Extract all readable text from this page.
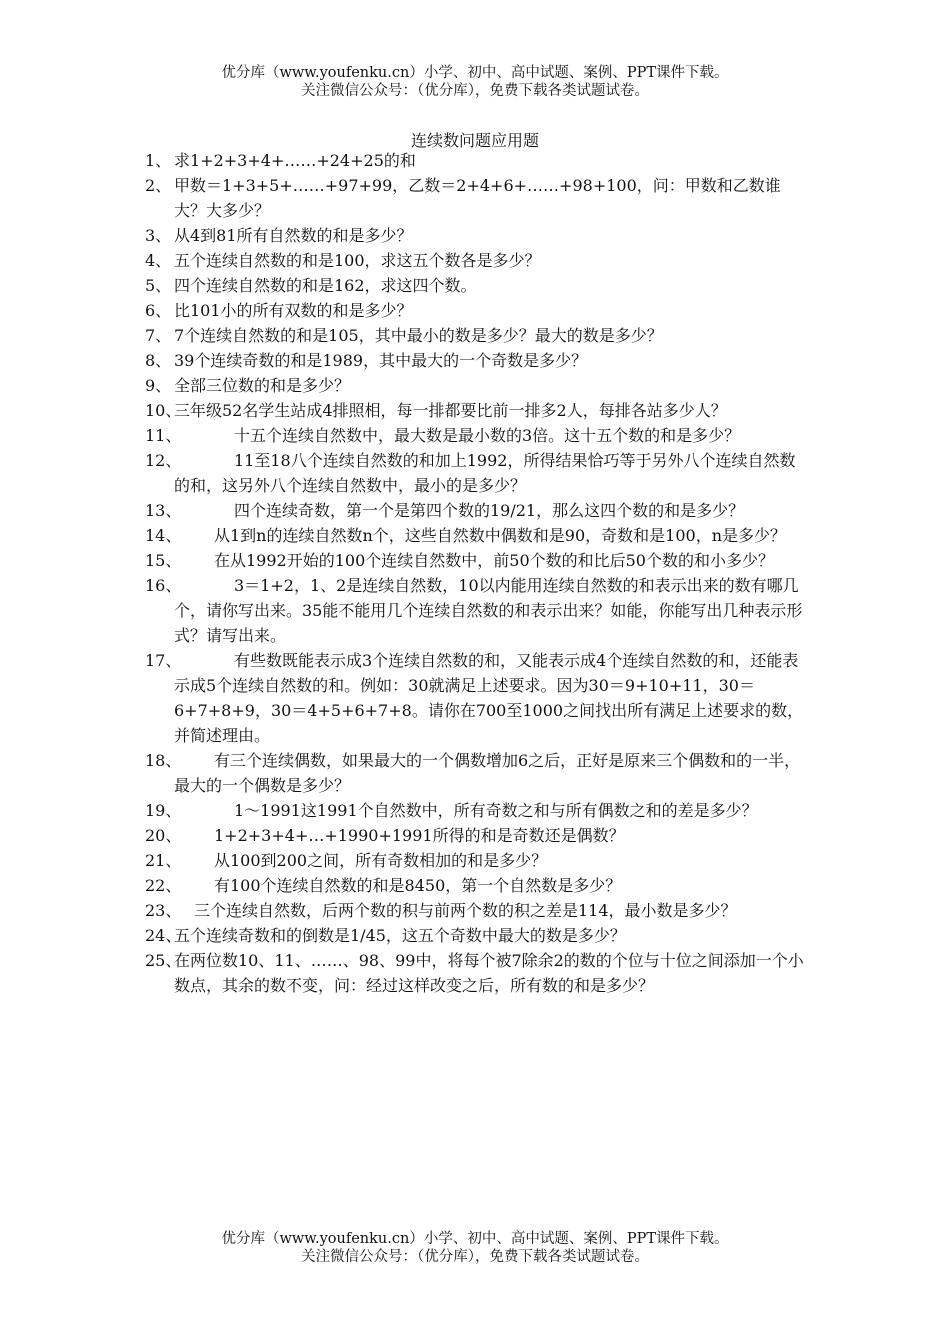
优分库（www.youfenku.cn）小学、初中、高中试题、案例、PPT课件下载。
关注微信公众号：（优分库），免费下载各类试题试卷。
连续数问题应用题
1、 求1+2+3+4+……+24+25的和
2、 甲数＝1+3+5+……+97+99，乙数＝2+4+6+……+98+100，问：甲数和乙数谁大？大多少？
3、 从4到81所有自然数的和是多少？
4、 五个连续自然数的和是100，求这五个数各是多少？
5、 四个连续自然数的和是162，求这四个数。
6、 比101小的所有双数的和是多少？
7、 7个连续自然数的和是105，其中最小的数是多少？最大的数是多少？
8、 39个连续奇数的和是1989，其中最大的一个奇数是多少？
9、 全部三位数的和是多少？
10、
三年级52名学生站成4排照相，每一排都要比前一排多2人，每排各站多少人？
11、	十五个连续自然数中，最大数是最小数的3倍。这十五个数的和是多少？
12、	11至18八个连续自然数的和加上1992，所得结果恰巧等于另外八个连续自然数的和，这另外八个连续自然数中，最小的是多少？
13、	四个连续奇数，第一个是第四个数的19/21，那么这四个数的和是多少？
14、	从1到n的连续自然数n个，这些自然数中偶数和是90，奇数和是100，n是多少？
15、	在从1992开始的100个连续自然数中，前50个数的和比后50个数的和小多少？
16、	3＝1+2，1、2是连续自然数，10以内能用连续自然数的和表示出来的数有哪几个，请你写出来。35能不能用几个连续自然数的和表示出来？如能，你能写出几种表示形式？请写出来。
17、	有些数既能表示成3个连续自然数的和，又能表示成4个连续自然数的和，还能表示成5个连续自然数的和。例如：30就满足上述要求。因为30＝9+10+11，30＝6+7+8+9，30＝4+5+6+7+8。请你在700至1000之间找出所有满足上述要求的数，并简述理由。
18、	有三个连续偶数，如果最大的一个偶数增加6之后，正好是原来三个偶数和的一半，最大的一个偶数是多少？
19、	1～1991这1991个自然数中，所有奇数之和与所有偶数之和的差是多少？
20、	1+2+3+4+…+1990+1991所得的和是奇数还是偶数？
21、	从100到200之间，所有奇数相加的和是多少？
22、	有100个连续自然数的和是8450，第一个自然数是多少？
23、 三个连续自然数，后两个数的积与前两个数的积之差是114，最小数是多少？
24、
五个连续奇数和的倒数是1/45，这五个奇数中最大的数是多少？
25、
在两位数10、11、……、98、99中，将每个被7除余2的数的个位与十位之间添加一个小数点，其余的数不变，问：经过这样改变之后，所有数的和是多少？
优分库（www.youfenku.cn）小学、初中、高中试题、案例、PPT课件下载。
关注微信公众号：（优分库），免费下载各类试题试卷。
